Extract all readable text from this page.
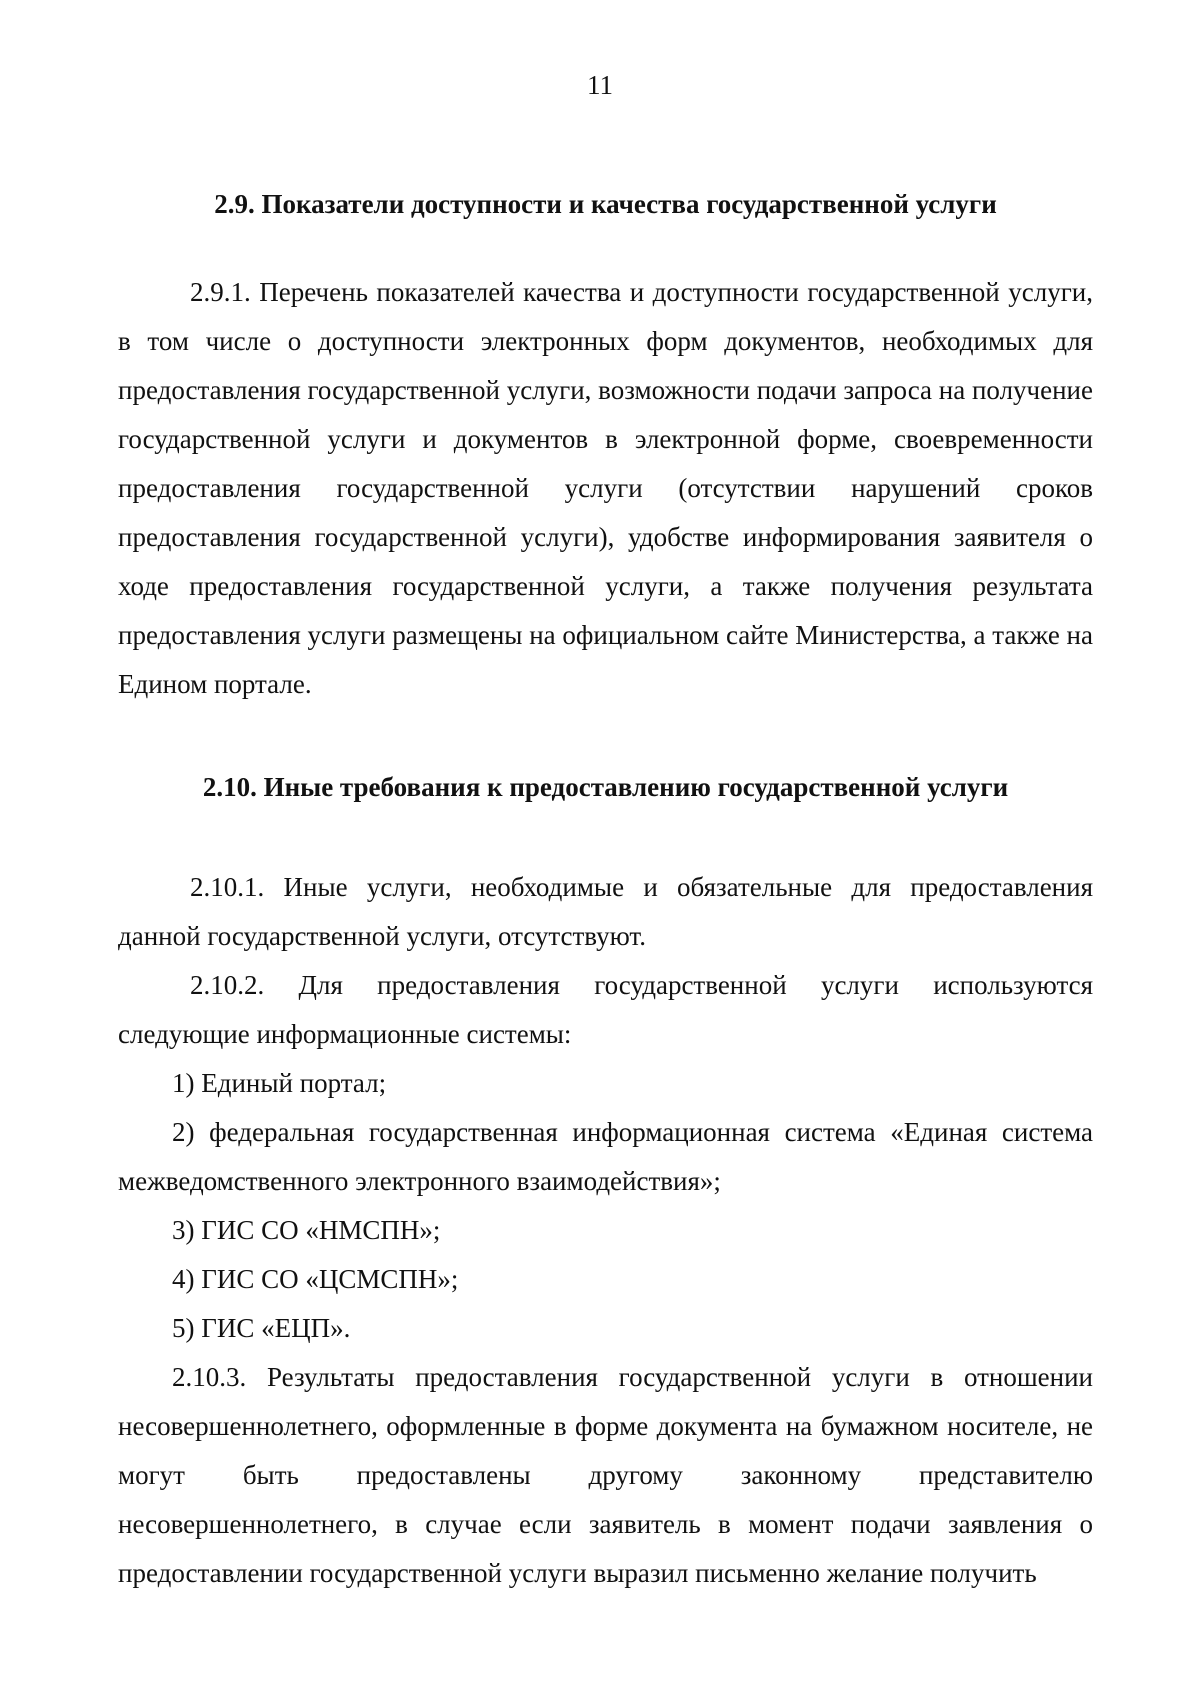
11

2.9. Показатели доступности и качества государственной услуги

2.9.1. Перечень показателей качества и доступности государственной услуги, в том числе о доступности электронных форм документов, необходимых для предоставления государственной услуги, возможности подачи запроса на получение государственной услуги и документов в электронной форме, своевременности предоставления государственной услуги (отсутствии нарушений сроков предоставления государственной услуги), удобстве информирования заявителя о ходе предоставления государственной услуги, а также получения результата предоставления услуги размещены на официальном сайте Министерства, а также на Едином портале.

2.10. Иные требования к предоставлению государственной услуги

2.10.1. Иные услуги, необходимые и обязательные для предоставления данной государственной услуги, отсутствуют.

2.10.2. Для предоставления государственной услуги используются следующие информационные системы:

1) Единый портал;

2) федеральная государственная информационная система «Единая система межведомственного электронного взаимодействия»;

3) ГИС СО «НМСПН»;

4) ГИС СО «ЦСМСПН»;

5) ГИС «ЕЦП».

2.10.3. Результаты предоставления государственной услуги в отношении несовершеннолетнего, оформленные в форме документа на бумажном носителе, не могут быть предоставлены другому законному представителю несовершеннолетнего, в случае если заявитель в момент подачи заявления о предоставлении государственной услуги выразил письменно желание получить
